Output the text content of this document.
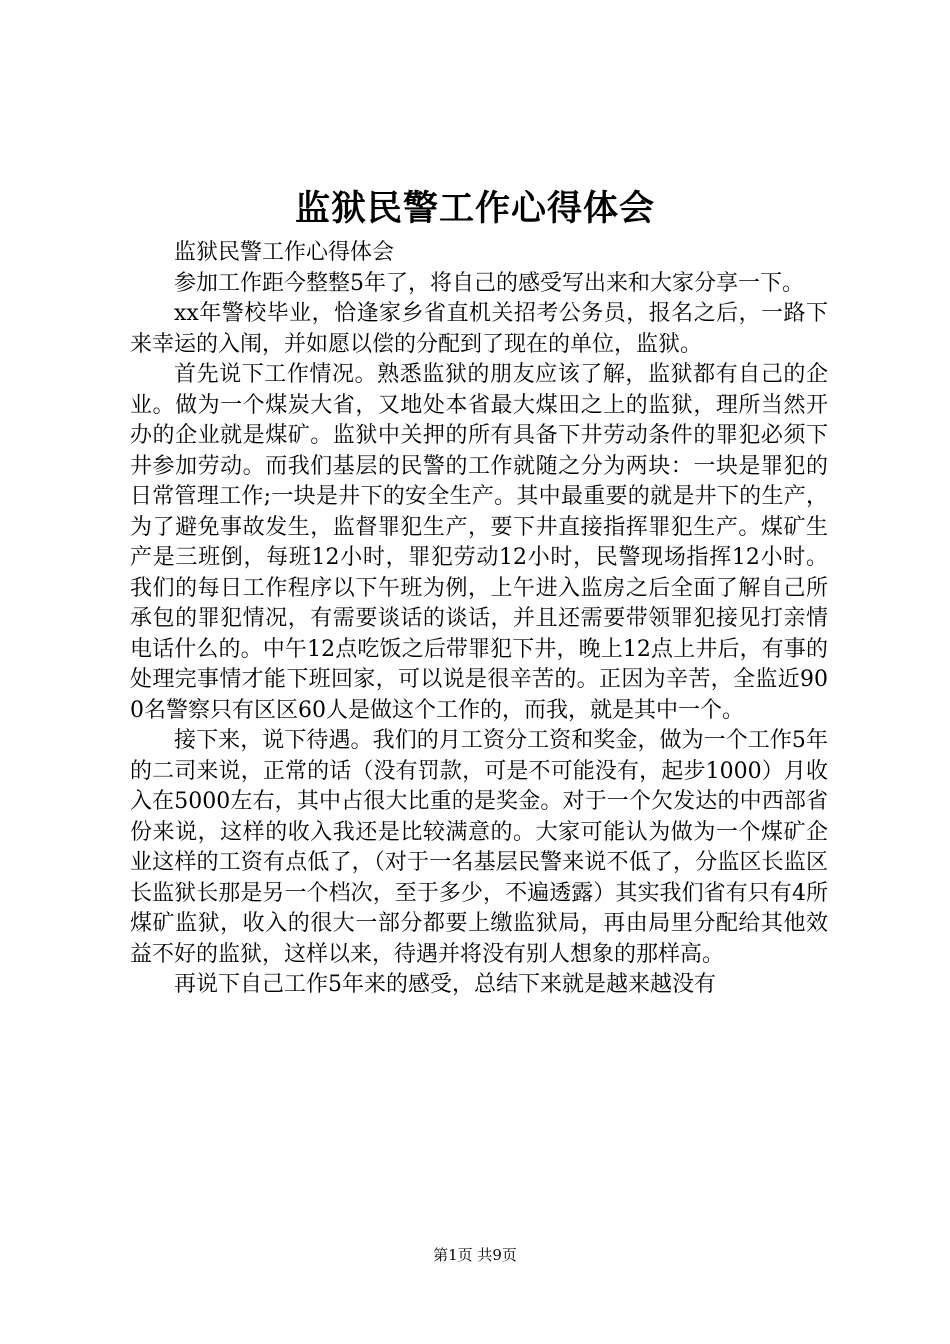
监狱民警工作心得体会

监狱民警工作心得体会

参加工作距今整整5年了，将自己的感受写出来和大家分享一下。

xx年警校毕业，恰逢家乡省直机关招考公务员，报名之后，一路下来幸运的入闱，并如愿以偿的分配到了现在的单位，监狱。

首先说下工作情况。熟悉监狱的朋友应该了解，监狱都有自己的企业。做为一个煤炭大省，又地处本省最大煤田之上的监狱，理所当然开办的企业就是煤矿。监狱中关押的所有具备下井劳动条件的罪犯必须下井参加劳动。而我们基层的民警的工作就随之分为两块：一块是罪犯的日常管理工作;一块是井下的安全生产。其中最重要的就是井下的生产，为了避免事故发生，监督罪犯生产，要下井直接指挥罪犯生产。煤矿生产是三班倒，每班12小时，罪犯劳动12小时，民警现场指挥12小时。我们的每日工作程序以下午班为例，上午进入监房之后全面了解自己所承包的罪犯情况，有需要谈话的谈话，并且还需要带领罪犯接见打亲情电话什么的。中午12点吃饭之后带罪犯下井，晚上12点上井后，有事的处理完事情才能下班回家，可以说是很辛苦的。正因为辛苦，全监近900名警察只有区区60人是做这个工作的，而我，就是其中一个。

接下来，说下待遇。我们的月工资分工资和奖金，做为一个工作5年的二司来说，正常的话（没有罚款，可是不可能没有，起步1000）月收入在5000左右，其中占很大比重的是奖金。对于一个欠发达的中西部省份来说，这样的收入我还是比较满意的。大家可能认为做为一个煤矿企业这样的工资有点低了，（对于一名基层民警来说不低了，分监区长监区长监狱长那是另一个档次，至于多少，不遍透露）其实我们省有只有4所煤矿监狱，收入的很大一部分都要上缴监狱局，再由局里分配给其他效益不好的监狱，这样以来，待遇并将没有别人想象的那样高。

再说下自己工作5年来的感受，总结下来就是越来越没有

第1页 共9页
